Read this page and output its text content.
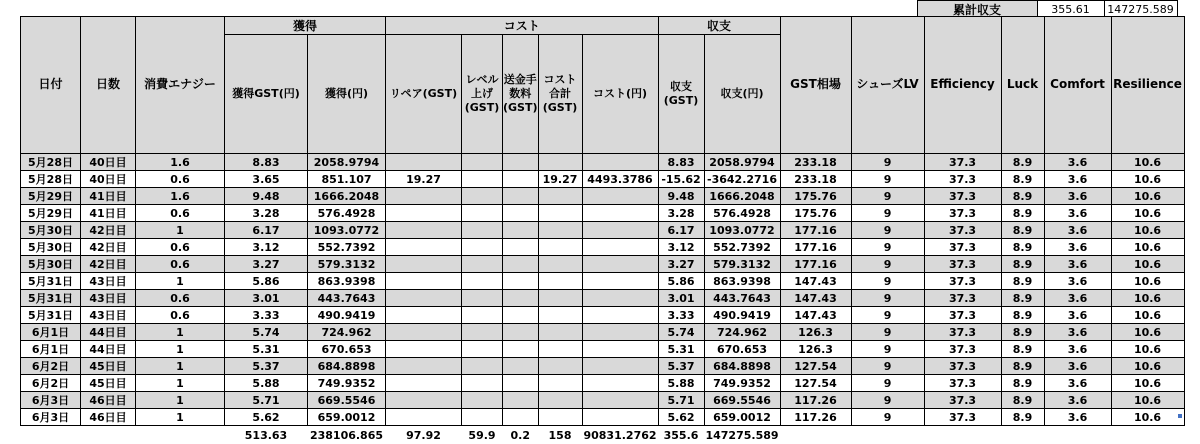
														累計収支	355.61	147275.589
日付	日数	消費エナジー	獲得		コスト					収支		GST相場	シューズLV	Efficiency	Luck	Comfort	Resilience
			獲得GST(円)	獲得(円)	リペア(GST)	レベル上げ(GST)	送金手数料(GST)	コスト合計(GST)	コスト(円)	収支(GST)	収支(円)						
5月28日	40日目	1.6	8.83	2058.9794						8.83	2058.9794	233.18	9	37.3	8.9	3.6	10.6
5月28日	40日目	0.6	3.65	851.107	19.27			19.27	4493.3786	-15.62	-3642.2716	233.18	9	37.3	8.9	3.6	10.6
5月29日	41日目	1.6	9.48	1666.2048						9.48	1666.2048	175.76	9	37.3	8.9	3.6	10.6
5月29日	41日目	0.6	3.28	576.4928						3.28	576.4928	175.76	9	37.3	8.9	3.6	10.6
5月30日	42日目	1	6.17	1093.0772						6.17	1093.0772	177.16	9	37.3	8.9	3.6	10.6
5月30日	42日目	0.6	3.12	552.7392						3.12	552.7392	177.16	9	37.3	8.9	3.6	10.6
5月30日	42日目	0.6	3.27	579.3132						3.27	579.3132	177.16	9	37.3	8.9	3.6	10.6
5月31日	43日目	1	5.86	863.9398						5.86	863.9398	147.43	9	37.3	8.9	3.6	10.6
5月31日	43日目	0.6	3.01	443.7643						3.01	443.7643	147.43	9	37.3	8.9	3.6	10.6
5月31日	43日目	0.6	3.33	490.9419						3.33	490.9419	147.43	9	37.3	8.9	3.6	10.6
6月1日	44日目	1	5.74	724.962						5.74	724.962	126.3	9	37.3	8.9	3.6	10.6
6月1日	44日目	1	5.31	670.653						5.31	670.653	126.3	9	37.3	8.9	3.6	10.6
6月2日	45日目	1	5.37	684.8898						5.37	684.8898	127.54	9	37.3	8.9	3.6	10.6
6月2日	45日目	1	5.88	749.9352						5.88	749.9352	127.54	9	37.3	8.9	3.6	10.6
6月3日	46日目	1	5.71	669.5546						5.71	669.5546	117.26	9	37.3	8.9	3.6	10.6
6月3日	46日目	1	5.62	659.0012						5.62	659.0012	117.26	9	37.3	8.9	3.6	10.6
			513.63	238106.865	97.92	59.9	0.2	158	90831.2762	355.6	147275.589						
